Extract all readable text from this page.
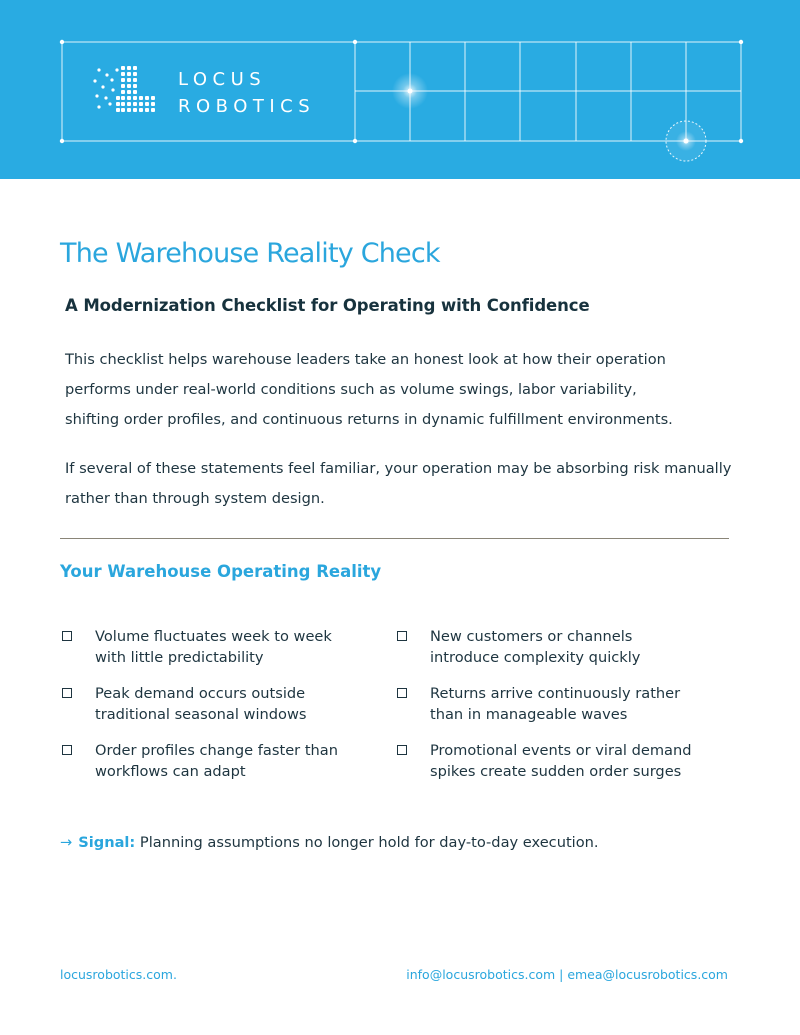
LOCUS
ROBOTICS
The Warehouse Reality Check
A Modernization Checklist for Operating with Confidence

This checklist helps warehouse leaders take an honest look at how their operation
performs under real-world conditions such as volume swings, labor variability,
shifting order profiles, and continuous returns in dynamic fulfillment environments.

If several of these statements feel familiar, your operation may be absorbing risk manually rather than through system design.

Your Warehouse Operating Reality
Volume fluctuates week to week with little predictability
Peak demand occurs outside traditional seasonal windows
Order profiles change faster than workflows can adapt
New customers or channels introduce complexity quickly
Returns arrive continuously rather than in manageable waves
Promotional events or viral demand spikes create sudden order surges
→ Signal: Planning assumptions no longer hold for day-to-day execution.
locusrobotics.com.	info@locusrobotics.com | emea@locusrobotics.com
